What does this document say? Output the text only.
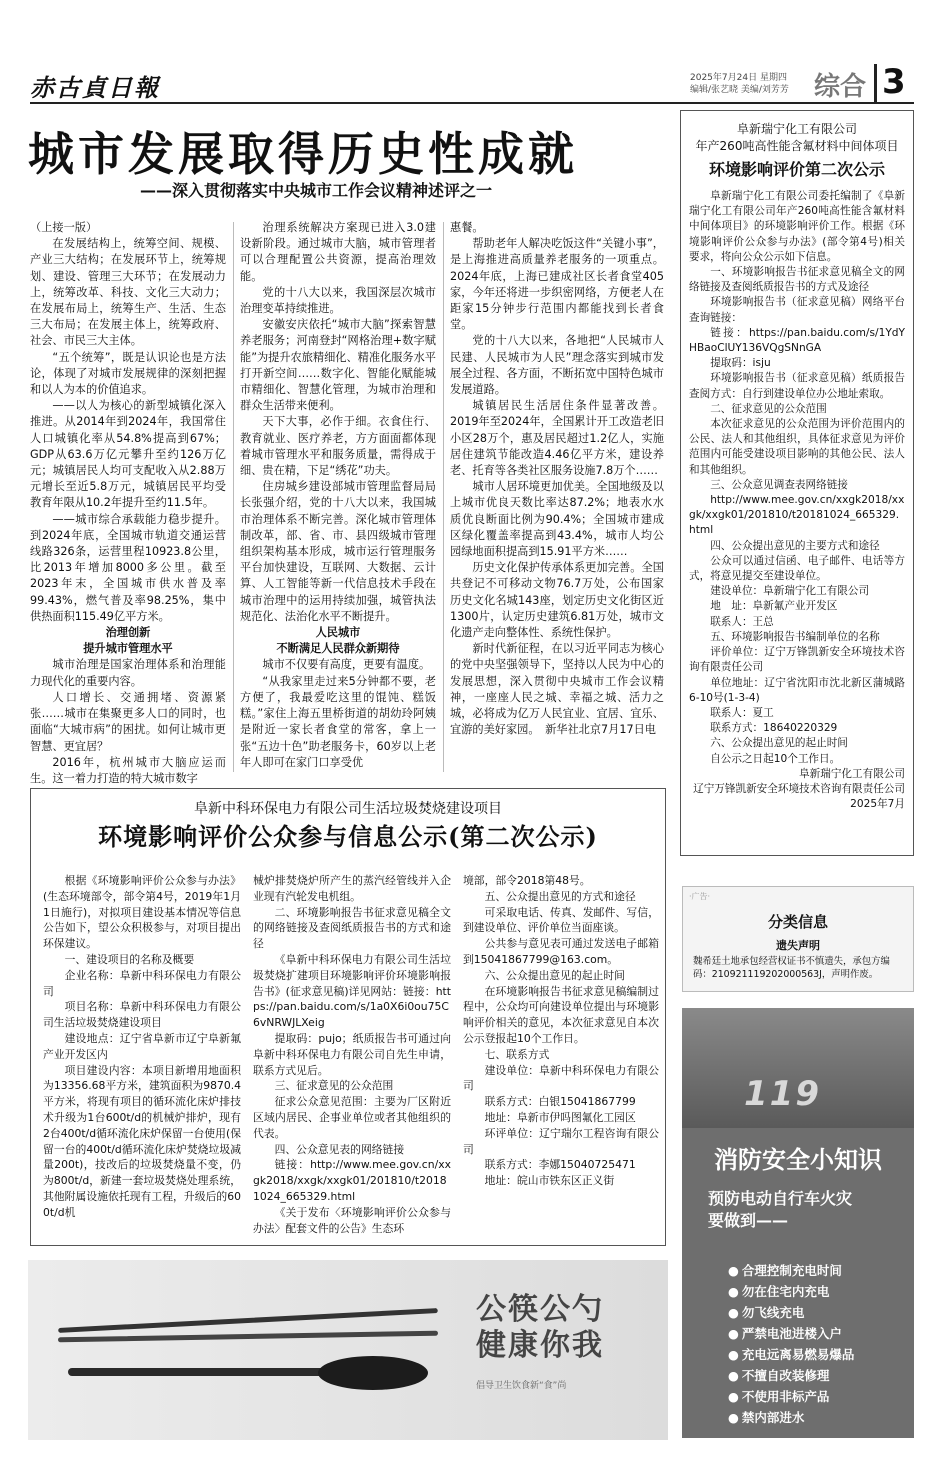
赤古貞日報	2025年7月24日 星期四
编辑/张艺晓 美编/刘芳芳 综合 3
城市发展取得历史性成就
——深入贯彻落实中央城市工作会议精神述评之一

（上接一版）

在发展结构上，统筹空间、规模、产业三大结构；在发展环节上，统筹规划、建设、管理三大环节；在发展动力上，统筹改革、科技、文化三大动力；在发展布局上，统筹生产、生活、生态三大布局；在发展主体上，统筹政府、社会、市民三大主体。

“五个统筹”，既是认识论也是方法论，体现了对城市发展规律的深刻把握和以人为本的价值追求。

——以人为核心的新型城镇化深入推进。从2014年到2024年，我国常住人口城镇化率从54.8%提高到67%；GDP从63.6万亿元攀升至约126万亿元；城镇居民人均可支配收入从2.88万元增长至近5.8万元，城镇居民平均受教育年限从10.2年提升至约11.5年。

——城市综合承载能力稳步提升。到2024年底，全国城市轨道交通运营线路326条，运营里程10923.8公里，比2013年增加8000多公里。截至2023年末，全国城市供水普及率99.43%，燃气普及率98.25%，集中供热面积115.49亿平方米。

治理创新

提升城市管理水平

城市治理是国家治理体系和治理能力现代化的重要内容。

人口增长、交通拥堵、资源紧张……城市在集聚更多人口的同时，也面临“大城市病”的困扰。如何让城市更智慧、更宜居？

2016年，杭州城市大脑应运而生。这一着力打造的特大城市数字

治理系统解决方案现已进入3.0建设新阶段。通过城市大脑，城市管理者可以合理配置公共资源，提高治理效能。

党的十八大以来，我国深层次城市治理变革持续推进。

安徽安庆依托“城市大脑”探索智慧养老服务；河南登封“网格治理+数字赋能”为提升农旅精细化、精准化服务水平打开新空间……数字化、智能化赋能城市精细化、智慧化管理，为城市治理和群众生活带来便利。

天下大事，必作于细。衣食住行、教育就业、医疗养老，方方面面都体现着城市管理水平和服务质量，需得成于细、贵在精，下足“绣花”功夫。

住房城乡建设部城市管理监督局局长张强介绍，党的十八大以来，我国城市治理体系不断完善。深化城市管理体制改革，部、省、市、县四级城市管理组织架构基本形成，城市运行管理服务平台加快建设，互联网、大数据、云计算、人工智能等新一代信息技术手段在城市治理中的运用持续加强，城管执法规范化、法治化水平不断提升。

人民城市

不断满足人民群众新期待

城市不仅要有高度，更要有温度。

“从我家里走过来5分钟都不要，老方便了，我最爱吃这里的馄饨、糕饭糕。”家住上海五里桥街道的胡幼玲阿姨是附近一家长者食堂的常客，拿上一张“五边十色”助老服务卡，60岁以上老年人即可在家门口享受优

惠餐。

帮助老年人解决吃饭这件“关键小事”，是上海推进高质量养老服务的一项重点。2024年底，上海已建成社区长者食堂405家，今年还将进一步织密网络，方便老人在距家15分钟步行范围内都能找到长者食堂。

党的十八大以来，各地把“人民城市人民建、人民城市为人民”理念落实到城市发展全过程、各方面，不断拓宽中国特色城市发展道路。

城镇居民生活居住条件显著改善。2019年至2024年，全国累计开工改造老旧小区28万个，惠及居民超过1.2亿人，实施居住建筑节能改造4.46亿平方米，建设养老、托育等各类社区服务设施7.8万个……

城市人居环境更加优美。全国地级及以上城市优良天数比率达87.2%；地表水水质优良断面比例为90.4%；全国城市建成区绿化覆盖率提高到43.4%，城市人均公园绿地面积提高到15.91平方米……

历史文化保护传承体系更加完善。全国共登记不可移动文物76.7万处，公布国家历史文化名城143座，划定历史文化街区近1300片，认定历史建筑6.81万处，城市文化遗产走向整体性、系统性保护。

新时代新征程，在以习近平同志为核心的党中央坚强领导下，坚持以人民为中心的发展思想，深入贯彻中央城市工作会议精神，一座座人民之城、幸福之城、活力之城，必将成为亿万人民宜业、宜居、宜乐、宜游的美好家园。　新华社北京7月17日电

阜新瑞宁化工有限公司
年产260吨高性能含氟材料中间体项目
环境影响评价第二次公示

阜新瑞宁化工有限公司委托编制了《阜新瑞宁化工有限公司年产260吨高性能含氟材料中间体项目》的环境影响评价工作。根据《环境影响评价公众参与办法》(部令第4号)相关要求，将向公众公示如下信息。

一、环境影响报告书征求意见稿全文的网络链接及查阅纸质报告书的方式及途径

环境影响报告书（征求意见稿）网络平台查询链接：

链接：https://pan.baidu.com/s/1YdYHBaoClUY136VQgSNnGA

提取码：isju

环境影响报告书（征求意见稿）纸质报告查阅方式：自行到建设单位办公地址索取。

二、征求意见的公众范围

本次征求意见的公众范围为评价范围内的公民、法人和其他组织，具体征求意见为评价范围内可能受建设项目影响的其他公民、法人和其他组织。

三、公众意见调查表网络链接

http://www.mee.gov.cn/xxgk2018/xxgk/xxgk01/201810/t20181024_665329.html

四、公众提出意见的主要方式和途径

公众可以通过信函、电子邮件、电话等方式，将意见提交至建设单位。

建设单位：阜新瑞宁化工有限公司

地　址：阜新氟产业开发区

联系人：王总

五、环境影响报告书编制单位的名称

评价单位：辽宁万锋凯新安全环境技术咨询有限责任公司

单位地址：辽宁省沈阳市沈北新区蒲城路6-10号(1-3-4)

联系人：夏工

联系方式：18640220329

六、公众提出意见的起止时间

自公示之日起10个工作日。

阜新瑞宁化工有限公司

辽宁万锋凯新安全环境技术咨询有限责任公司

2025年7月

阜新中科环保电力有限公司生活垃圾焚烧建设项目
环境影响评价公众参与信息公示(第二次公示)

根据《环境影响评价公众参与办法》(生态环境部令，部令第4号，2019年1月1日施行)，对拟项目建设基本情况等信息公告如下，望公众积极参与，对项目提出环保建议。

一、建设项目的名称及概要

企业名称：阜新中科环保电力有限公司

项目名称：阜新中科环保电力有限公司生活垃圾焚烧建设项目

建设地点：辽宁省阜新市辽宁阜新氟产业开发区内

项目建设内容：本项目新增用地面积为13356.68平方米，建筑面积为9870.4平方米，将现有项目的循环流化床炉排技术升级为1台600t/d的机械炉排炉，现有2台400t/d循环流化床炉保留一台使用(保留一台的400t/d循环流化床炉焚烧垃圾减量200t)，技改后的垃圾焚烧量不变，仍为800t/d，新建一套垃圾焚烧处理系统，其他附属设施依托现有工程，升级后的600t/d机

械炉排焚烧炉所产生的蒸汽经管线并入企业现有汽轮发电机组。

二、环境影响报告书征求意见稿全文的网络链接及查阅纸质报告书的方式和途径

《阜新中科环保电力有限公司生活垃圾焚烧扩建项目环境影响评价环境影响报告书》(征求意见稿)详见网站：链接：https://pan.baidu.com/s/1a0X6i0ou75C6vNRWJLXeig

提取码：pujo；纸质报告书可通过向阜新中科环保电力有限公司自先生申请，联系方式见后。

三、征求意见的公众范围

征求公众意见范围：主要为厂区附近区域内居民、企事业单位或者其他组织的代表。

四、公众意见表的网络链接

链接：http://www.mee.gov.cn/xxgk2018/xxgk/xxgk01/201810/t20181024_665329.html

《关于发布〈环境影响评价公众参与办法〉配套文件的公告》生态环

境部，部令2018第48号。

五、公众提出意见的方式和途径

可采取电话、传真、发邮件、写信，到建设单位、评价单位当面座谈。

公共参与意见表可通过发送电子邮箱到15041867799@163.com。

六、公众提出意见的起止时间

在环境影响报告书征求意见稿编制过程中，公众均可向建设单位提出与环境影响评价相关的意见，本次征求意见自本次公示登报起10个工作日。

七、联系方式

建设单位：阜新中科环保电力有限公司

联系方式：白银15041867799

地址：阜新市伊吗图氟化工园区

环评单位：辽宁瑞尔工程咨询有限公司

联系方式：李娜15040725471

地址：皖山市铁东区正义街

·广告·
分类信息
遗失声明
魏希廷土地承包经营权证书不慎遗失，承包方编码：210921119202000563J，声明作废。
119
消防安全小知识
预防电动自行车火灾
要做到——
● 合理控制充电时间
● 勿在住宅内充电
● 勿飞线充电
● 严禁电池进楼入户
● 充电远离易燃易爆品
● 不擅自改装修理
● 不使用非标产品
● 禁内部进水
公筷公勺
健康你我
倡导卫生饮食新“食”尚
